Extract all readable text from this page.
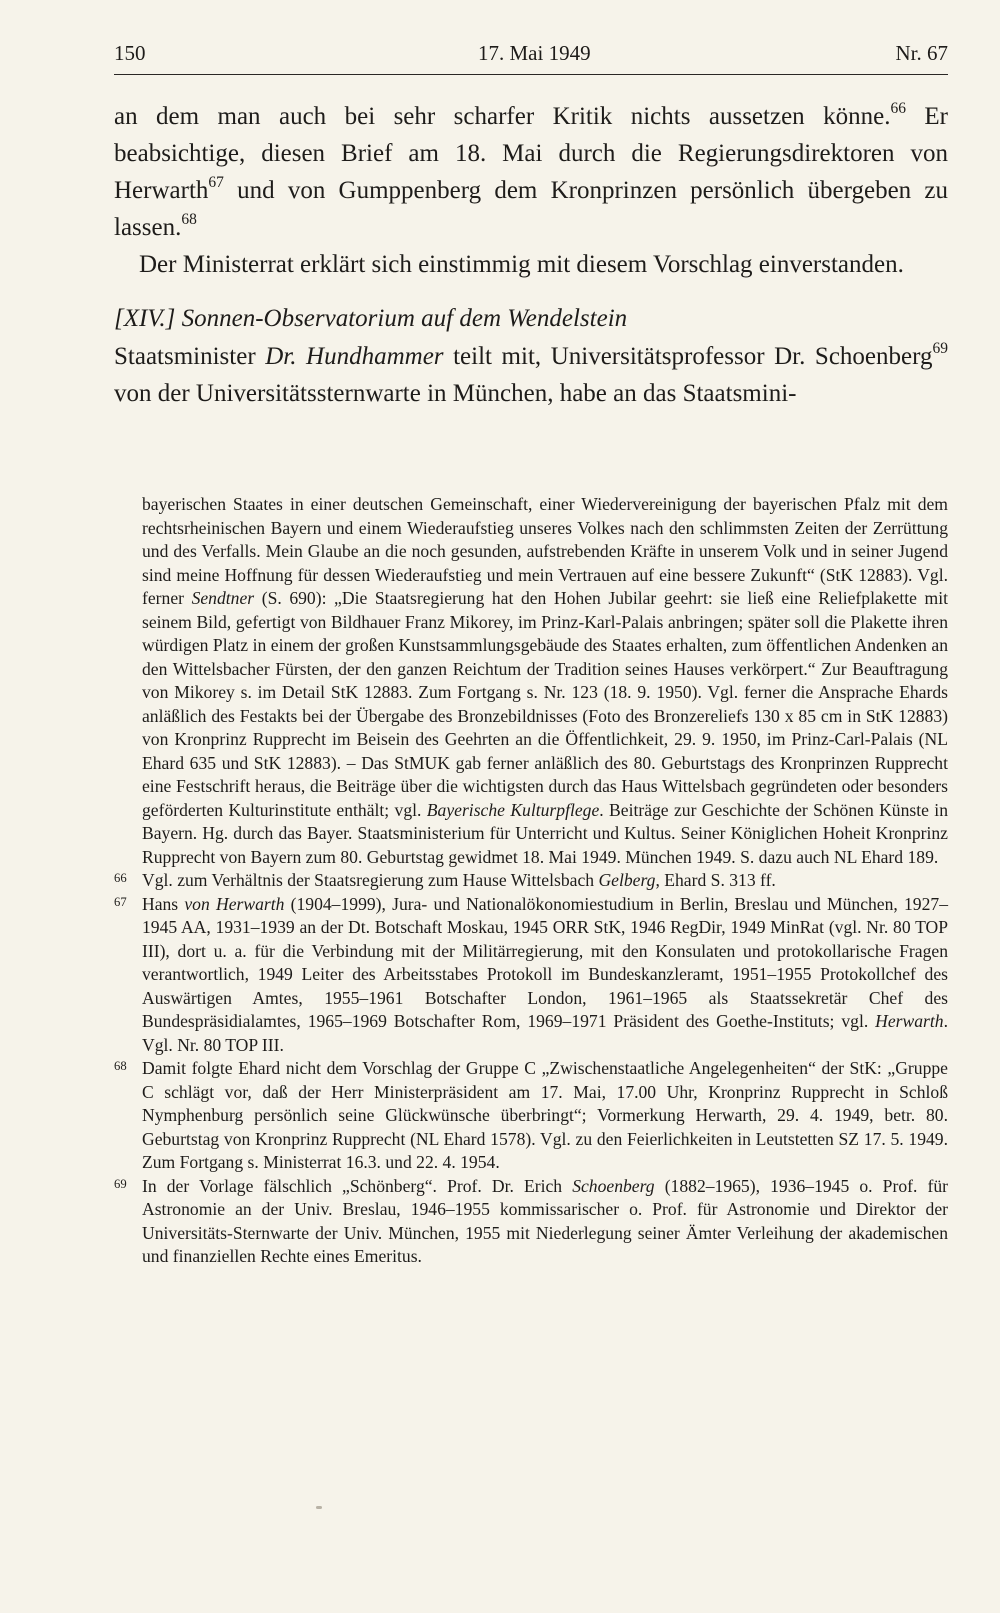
150	17. Mai 1949	Nr. 67

an dem man auch bei sehr scharfer Kritik nichts aussetzen könne.$^{66}$ Er beabsichtige, diesen Brief am 18. Mai durch die Regierungsdirektoren von Herwarth$^{67}$ und von Gumppenberg dem Kronprinzen persönlich übergeben zu lassen.$^{68}$

Der Ministerrat erklärt sich einstimmig mit diesem Vorschlag einverstanden.

[XIV.] Sonnen-Observatorium auf dem Wendelstein

Staatsminister Dr. Hundhammer teilt mit, Universitätsprofessor Dr. Schoenberg$^{69}$ von der Universitätssternwarte in München, habe an das Staatsmini-

bayerischen Staates in einer deutschen Gemeinschaft, einer Wiedervereinigung der bayerischen Pfalz mit dem rechtsrheinischen Bayern und einem Wiederaufstieg unseres Volkes nach den schlimmsten Zeiten der Zerrüttung und des Verfalls. Mein Glaube an die noch gesunden, aufstrebenden Kräfte in unserem Volk und in seiner Jugend sind meine Hoffnung für dessen Wiederaufstieg und mein Vertrauen auf eine bessere Zukunft“ (StK 12883). Vgl. ferner Sendtner (S. 690): „Die Staatsregierung hat den Hohen Jubilar geehrt: sie ließ eine Reliefplakette mit seinem Bild, gefertigt von Bildhauer Franz Mikorey, im Prinz-Karl-Palais anbringen; später soll die Plakette ihren würdigen Platz in einem der großen Kunstsammlungsgebäude des Staates erhalten, zum öffentlichen Andenken an den Wittelsbacher Fürsten, der den ganzen Reichtum der Tradition seines Hauses verkörpert.“ Zur Beauftragung von Mikorey s. im Detail StK 12883. Zum Fortgang s. Nr. 123 (18. 9. 1950). Vgl. ferner die Ansprache Ehards anläßlich des Festakts bei der Übergabe des Bronzebildnisses (Foto des Bronzereliefs 130 x 85 cm in StK 12883) von Kronprinz Rupprecht im Beisein des Geehrten an die Öffentlichkeit, 29. 9. 1950, im Prinz-Carl-Palais (NL Ehard 635 und StK 12883). – Das StMUK gab ferner anläßlich des 80. Geburtstags des Kronprinzen Rupprecht eine Festschrift heraus, die Beiträge über die wichtigsten durch das Haus Wittelsbach gegründeten oder besonders geförderten Kulturinstitute enthält; vgl. Bayerische Kulturpflege. Beiträge zur Geschichte der Schönen Künste in Bayern. Hg. durch das Bayer. Staatsministerium für Unterricht und Kultus. Seiner Königlichen Hoheit Kronprinz Rupprecht von Bayern zum 80. Geburtstag gewidmet 18. Mai 1949. München 1949. S. dazu auch NL Ehard 189.

66 Vgl. zum Verhältnis der Staatsregierung zum Hause Wittelsbach Gelberg, Ehard S. 313 ff.

67 Hans von Herwarth (1904–1999), Jura- und Nationalökonomiestudium in Berlin, Breslau und München, 1927–1945 AA, 1931–1939 an der Dt. Botschaft Moskau, 1945 ORR StK, 1946 RegDir, 1949 MinRat (vgl. Nr. 80 TOP III), dort u. a. für die Verbindung mit der Militärregierung, mit den Konsulaten und protokollarische Fragen verantwortlich, 1949 Leiter des Arbeitsstabes Protokoll im Bundeskanzleramt, 1951–1955 Protokollchef des Auswärtigen Amtes, 1955–1961 Botschafter London, 1961–1965 als Staatssekretär Chef des Bundespräsidialamtes, 1965–1969 Botschafter Rom, 1969–1971 Präsident des Goethe-Instituts; vgl. Herwarth. Vgl. Nr. 80 TOP III.

68 Damit folgte Ehard nicht dem Vorschlag der Gruppe C „Zwischenstaatliche Angelegenheiten“ der StK: „Gruppe C schlägt vor, daß der Herr Ministerpräsident am 17. Mai, 17.00 Uhr, Kronprinz Rupprecht in Schloß Nymphenburg persönlich seine Glückwünsche überbringt“; Vormerkung Herwarth, 29. 4. 1949, betr. 80. Geburtstag von Kronprinz Rupprecht (NL Ehard 1578). Vgl. zu den Feierlichkeiten in Leutstetten SZ 17. 5. 1949. Zum Fortgang s. Ministerrat 16.3. und 22. 4. 1954.

69 In der Vorlage fälschlich „Schönberg“. Prof. Dr. Erich Schoenberg (1882–1965), 1936–1945 o. Prof. für Astronomie an der Univ. Breslau, 1946–1955 kommissarischer o. Prof. für Astronomie und Direktor der Universitäts-Sternwarte der Univ. München, 1955 mit Niederlegung seiner Ämter Verleihung der akademischen und finanziellen Rechte eines Emeritus.
